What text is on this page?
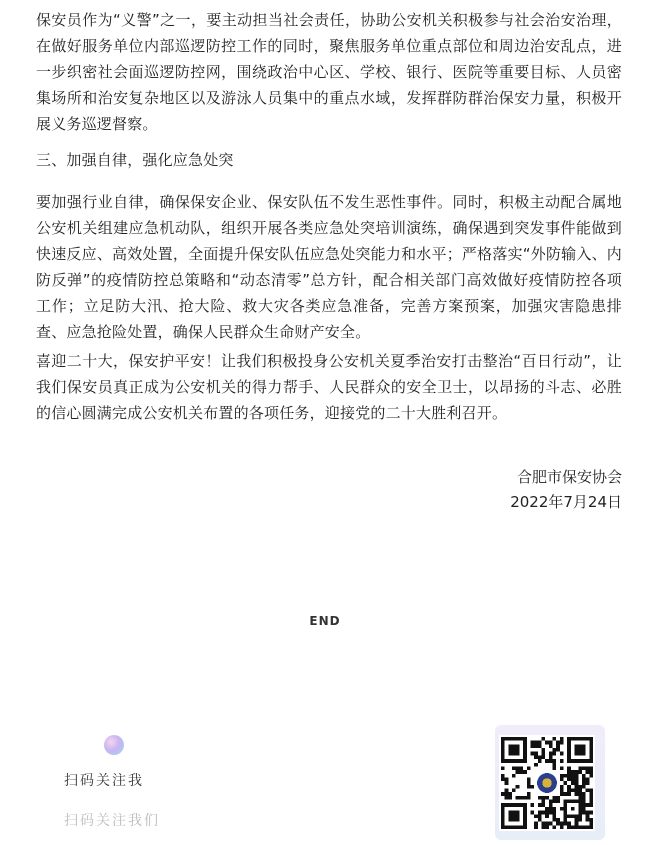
保安员作为“义警”之一，要主动担当社会责任，协助公安机关积极参与社会治安治理，在做好服务单位内部巡逻防控工作的同时，聚焦服务单位重点部位和周边治安乱点，进一步织密社会面巡逻防控网，围绕政治中心区、学校、银行、医院等重要目标、人员密集场所和治安复杂地区以及游泳人员集中的重点水域，发挥群防群治保安力量，积极开展义务巡逻督察。

三、加强自律，强化应急处突

要加强行业自律，确保保安企业、保安队伍不发生恶性事件。同时，积极主动配合属地公安机关组建应急机动队，组织开展各类应急处突培训演练，确保遇到突发事件能做到快速反应、高效处置，全面提升保安队伍应急处突能力和水平；严格落实“外防输入、内防反弹”的疫情防控总策略和“动态清零”总方针，配合相关部门高效做好疫情防控各项工作；立足防大汛、抢大险、救大灾各类应急准备，完善方案预案，加强灾害隐患排查、应急抢险处置，确保人民群众生命财产安全。

喜迎二十大，保安护平安！让我们积极投身公安机关夏季治安打击整治“百日行动”，让我们保安员真正成为公安机关的得力帮手、人民群众的安全卫士，以昂扬的斗志、必胜的信心圆满完成公安机关布置的各项任务，迎接党的二十大胜利召开。

合肥市保安协会
2022年7月24日
END
扫码关注我
扫码关注我们
